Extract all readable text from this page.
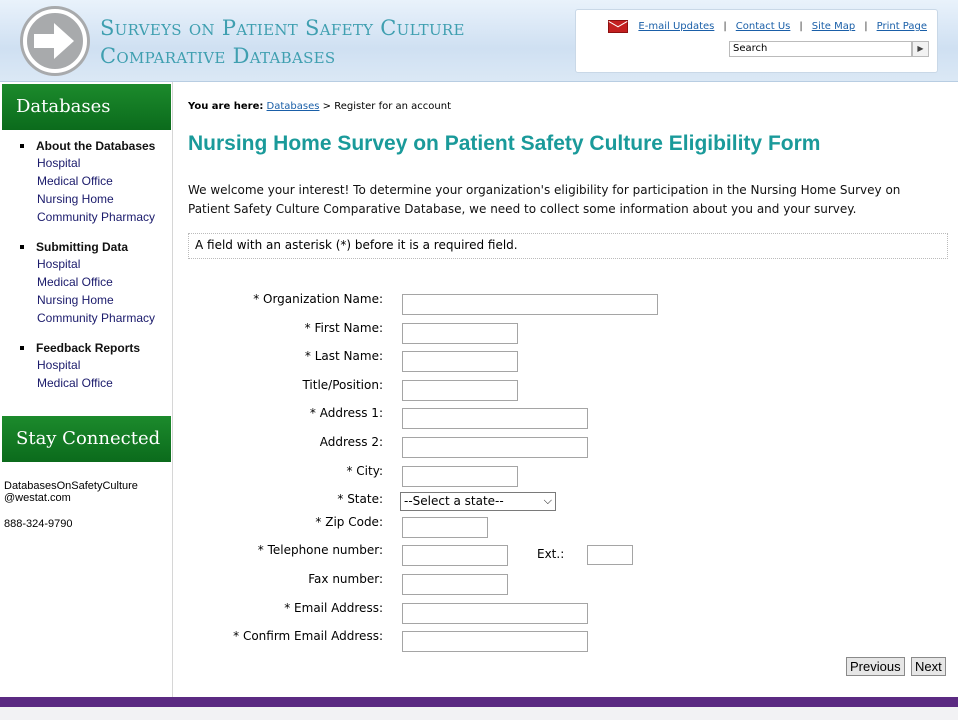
Surveys on Patient Safety Culture
Comparative Databases
E-mail Updates | Contact Us | Site Map | Print Page
Search	▶
Databases
About the Databases
Hospital
Medical Office
Nursing Home
Community Pharmacy
Submitting Data
Hospital
Medical Office
Nursing Home
Community Pharmacy
Feedback Reports
Hospital
Medical Office
Stay Connected
DatabasesOnSafetyCulture
@westat.com
888-324-9790
You are here: Databases > Register for an account
Nursing Home Survey on Patient Safety Culture Eligibility Form
We welcome your interest! To determine your organization's eligibility for participation in the Nursing Home Survey on Patient Safety Culture Comparative Database, we need to collect some information about you and your survey.
A field with an asterisk (*) before it is a required field.
* Organization Name:
* First Name:
* Last Name:
Title/Position:
* Address 1:
Address 2:
* City:
* State:	--Select a state--	⌵
* Zip Code:
* Telephone number:	Ext.:
Fax number:
* Email Address:
* Confirm Email Address:
Previous	Next
